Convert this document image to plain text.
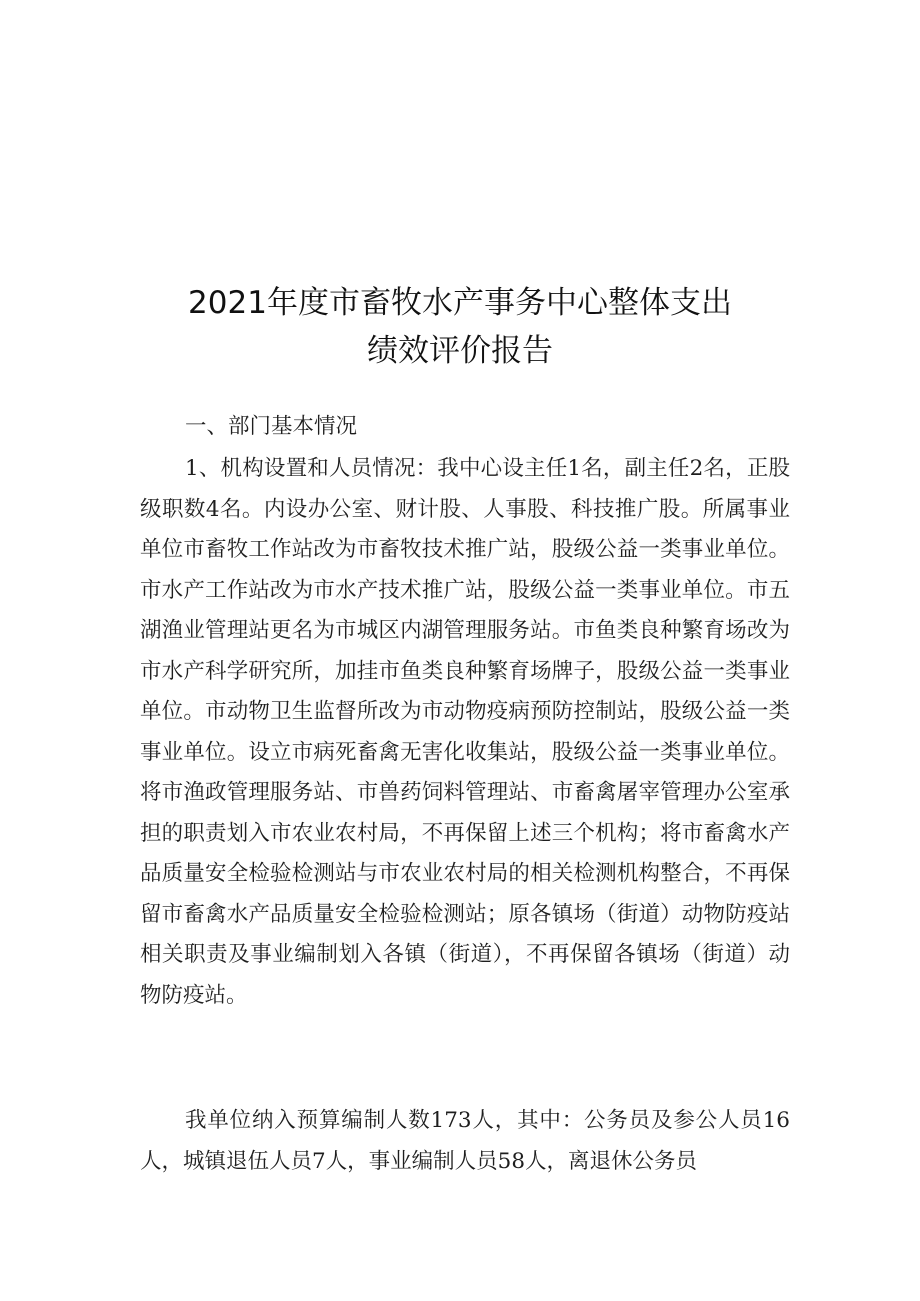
2021年度市畜牧水产事务中心整体支出
绩效评价报告

一、部门基本情况

1、机构设置和人员情况：我中心设主任1名，副主任2名，正股级职数4名。内设办公室、财计股、人事股、科技推广股。所属事业单位市畜牧工作站改为市畜牧技术推广站，股级公益一类事业单位。市水产工作站改为市水产技术推广站，股级公益一类事业单位。市五湖渔业管理站更名为市城区内湖管理服务站。市鱼类良种繁育场改为市水产科学研究所，加挂市鱼类良种繁育场牌子，股级公益一类事业单位。市动物卫生监督所改为市动物疫病预防控制站，股级公益一类事业单位。设立市病死畜禽无害化收集站，股级公益一类事业单位。将市渔政管理服务站、市兽药饲料管理站、市畜禽屠宰管理办公室承担的职责划入市农业农村局，不再保留上述三个机构；将市畜禽水产品质量安全检验检测站与市农业农村局的相关检测机构整合，不再保留市畜禽水产品质量安全检验检测站；原各镇场（街道）动物防疫站相关职责及事业编制划入各镇（街道），不再保留各镇场（街道）动物防疫站。

我单位纳入预算编制人数173人，其中：公务员及参公人员16人，城镇退伍人员7人，事业编制人员58人，离退休公务员
